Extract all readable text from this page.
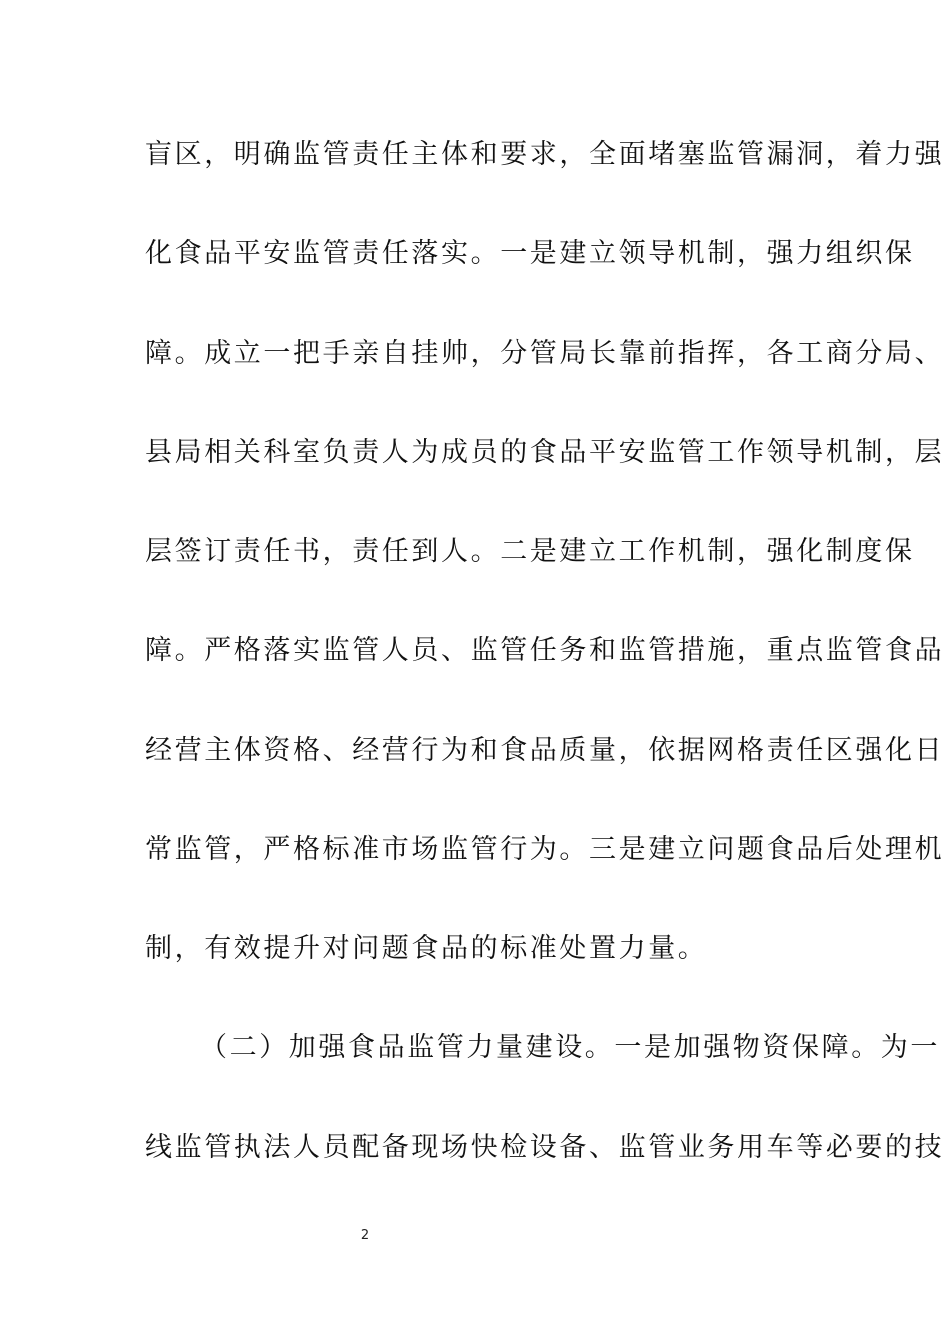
盲区，明确监管责任主体和要求，全面堵塞监管漏洞，着力强
化食品平安监管责任落实。一是建立领导机制，强力组织保
障。成立一把手亲自挂帅，分管局长靠前指挥，各工商分局、
县局相关科室负责人为成员的食品平安监管工作领导机制，层
层签订责任书，责任到人。二是建立工作机制，强化制度保
障。严格落实监管人员、监管任务和监管措施，重点监管食品
经营主体资格、经营行为和食品质量，依据网格责任区强化日
常监管，严格标准市场监管行为。三是建立问题食品后处理机
制，有效提升对问题食品的标准处置力量。
（二）加强食品监管力量建设。一是加强物资保障。为一
线监管执法人员配备现场快检设备、监管业务用车等必要的技
2
